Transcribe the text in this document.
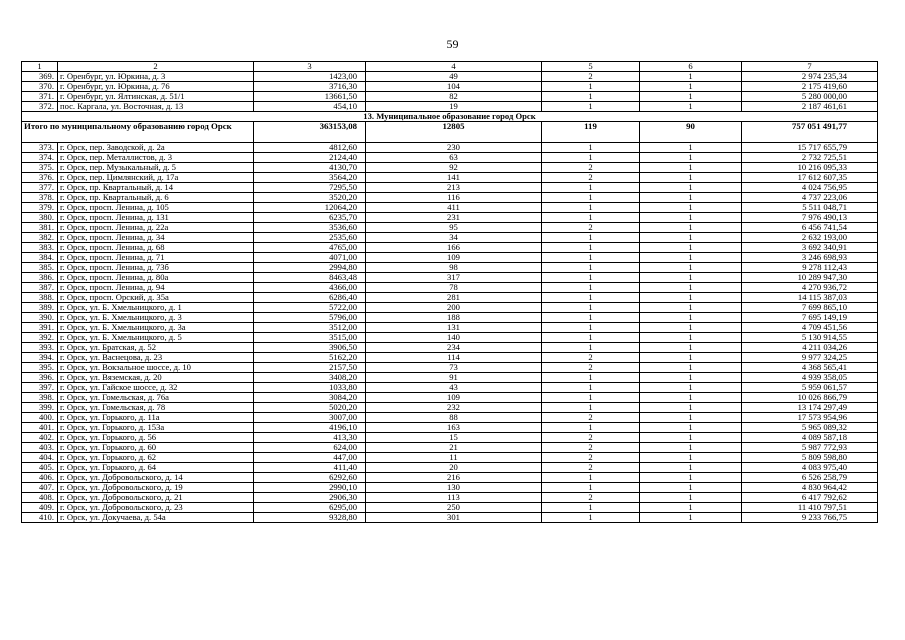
59
1	2	3	4	5	6	7
369.	г. Оренбург, ул. Юркина, д. 3	1423,00	49	2	1	2 974 235,34
370.	г. Оренбург, ул. Юркина, д. 76	3716,30	104	1	1	2 175 419,60
371.	г. Оренбург, ул. Ялтинская, д. 51/1	13661,50	82	1	1	5 280 000,00
372.	пос. Каргала, ул. Восточная, д. 13	454,10	19	1	1	2 187 461,61
13. Муниципальное образование город Орск						
Итого по муниципальному образованию город Орск		363153,08	12805	119	90	757 051 491,77
373.	г. Орск, пер. Заводской, д. 2а	4812,60	230	1	1	15 717 655,79
374.	г. Орск, пер. Металлистов, д. 3	2124,40	63	1	1	2 732 725,51
375.	г. Орск, пер. Музыкальный, д. 5	4130,70	92	2	1	10 216 095,33
376.	г. Орск, пер. Цимлянский, д. 17а	3564,20	141	2	1	17 612 607,35
377.	г. Орск, пр. Квартальный, д. 14	7295,50	213	1	1	4 024 756,95
378.	г. Орск, пр. Квартальный, д. 6	3520,20	116	1	1	4 737 223,06
379.	г. Орск, просп. Ленина, д. 105	12064,20	411	1	1	5 511 048,71
380.	г. Орск, просп. Ленина, д. 131	6235,70	231	1	1	7 976 490,13
381.	г. Орск, просп. Ленина, д. 22а	3536,60	95	2	1	6 456 741,54
382.	г. Орск, просп. Ленина, д. 34	2535,60	34	1	1	2 632 193,00
383.	г. Орск, просп. Ленина, д. 68	4765,00	166	1	1	3 692 340,91
384.	г. Орск, просп. Ленина, д. 71	4071,00	109	1	1	3 246 698,93
385.	г. Орск, просп. Ленина, д. 73б	2994,80	98	1	1	9 278 112,43
386.	г. Орск, просп. Ленина, д. 80а	8463,48	317	1	1	10 289 947,30
387.	г. Орск, просп. Ленина, д. 94	4366,00	78	1	1	4 270 936,72
388.	г. Орск, просп. Орский, д. 35а	6286,40	281	1	1	14 115 387,03
389.	г. Орск, ул. Б. Хмельницкого, д. 1	5722,00	200	1	1	7 699 865,10
390.	г. Орск, ул. Б. Хмельницкого, д. 3	5796,00	188	1	1	7 695 149,19
391.	г. Орск, ул. Б. Хмельницкого, д. 3а	3512,00	131	1	1	4 709 451,56
392.	г. Орск, ул. Б. Хмельницкого, д. 5	3515,00	140	1	1	5 130 914,55
393.	г. Орск, ул. Братская, д. 52	3906,50	234	1	1	4 211 034,26
394.	г. Орск, ул. Васнецова, д. 23	5162,20	114	2	1	9 977 324,25
395.	г. Орск, ул. Вокзальное шоссе, д. 10	2157,50	73	2	1	4 368 565,41
396.	г. Орск, ул. Вяземская, д. 20	3408,20	91	1	1	4 939 358,05
397.	г. Орск, ул. Гайское шоссе, д. 32	1033,80	43	1	1	5 959 061,57
398.	г. Орск, ул. Гомельская, д. 76а	3084,20	109	1	1	10 026 866,79
399.	г. Орск, ул. Гомельская, д. 78	5020,20	232	1	1	13 174 297,49
400.	г. Орск, ул. Горького, д. 11а	3007,00	88	2	1	17 573 954,96
401.	г. Орск, ул. Горького, д. 153а	4196,10	163	1	1	5 965 089,32
402.	г. Орск, ул. Горького, д. 56	413,30	15	2	1	4 089 587,18
403.	г. Орск, ул. Горького, д. 60	624,00	21	2	1	5 987 772,93
404.	г. Орск, ул. Горького, д. 62	447,00	11	2	1	5 809 598,80
405.	г. Орск, ул. Горького, д. 64	411,40	20	2	1	4 083 975,40
406.	г. Орск, ул. Добровольского, д. 14	6292,60	216	1	1	6 526 258,79
407.	г. Орск, ул. Добровольского, д. 19	2990,10	130	1	1	4 830 964,42
408.	г. Орск, ул. Добровольского, д. 21	2906,30	113	2	1	6 417 792,62
409.	г. Орск, ул. Добровольского, д. 23	6295,00	250	1	1	11 410 797,51
410.	г. Орск, ул. Докучаева, д. 54а	9328,80	301	1	1	9 233 766,75
